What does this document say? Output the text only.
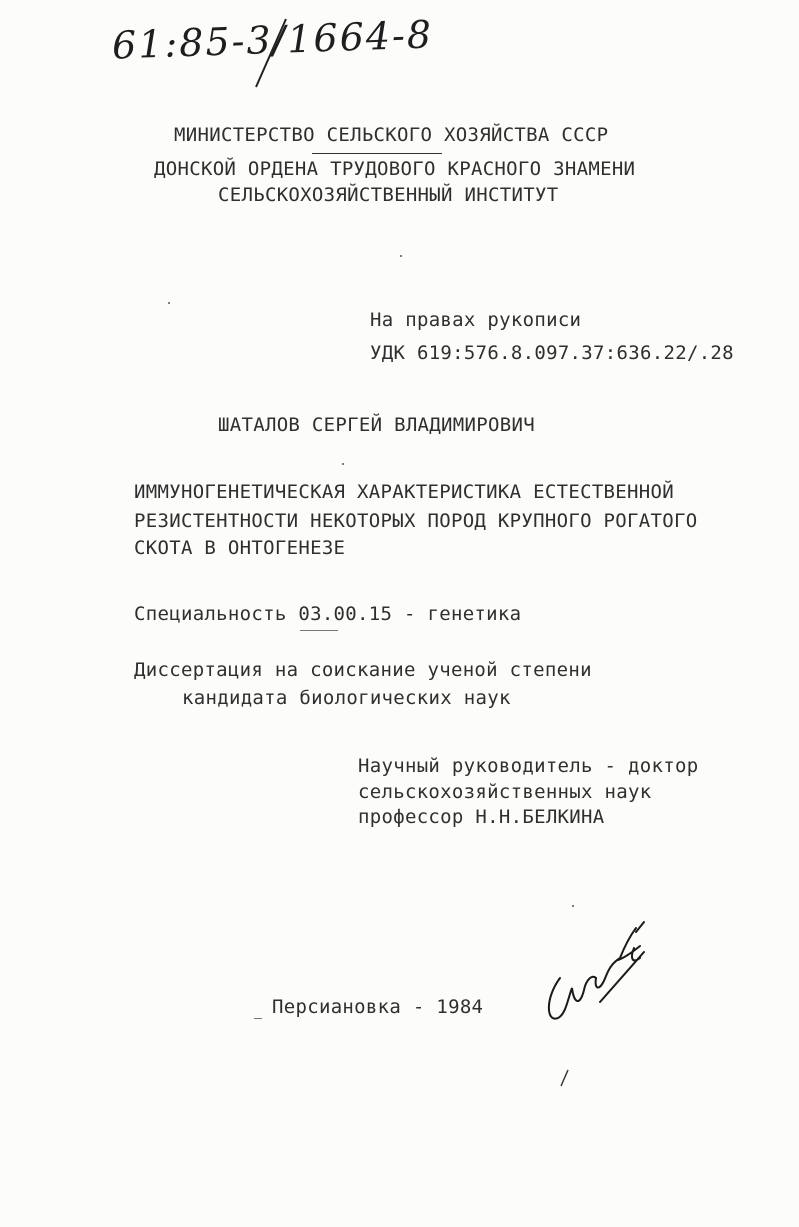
61:85-3/1664-8
МИНИСТЕРСТВО СЕЛЬСКОГО ХОЗЯЙСТВА СССР
ДОНСКОЙ ОРДЕНА ТРУДОВОГО КРАСНОГО ЗНАМЕНИ
СЕЛЬСКОХОЗЯЙСТВЕННЫЙ ИНСТИТУТ
На правах рукописи
УДК 619:576.8.097.37:636.22/.28
ШАТАЛОВ СЕРГЕЙ ВЛАДИМИРОВИЧ
ИММУНОГЕНЕТИЧЕСКАЯ ХАРАКТЕРИСТИКА ЕСТЕСТВЕННОЙ
РЕЗИСТЕНТНОСТИ НЕКОТОРЫХ ПОРОД КРУПНОГО РОГАТОГО
СКОТА В ОНТОГЕНЕЗЕ
Специальность 03.00.15 - генетика
Диссертация на соискание ученой степени
кандидата биологических наук
Научный руководитель - доктор
сельскохозяйственных наук
профессор Н.Н.БЕЛКИНА
Персиановка - 1984
